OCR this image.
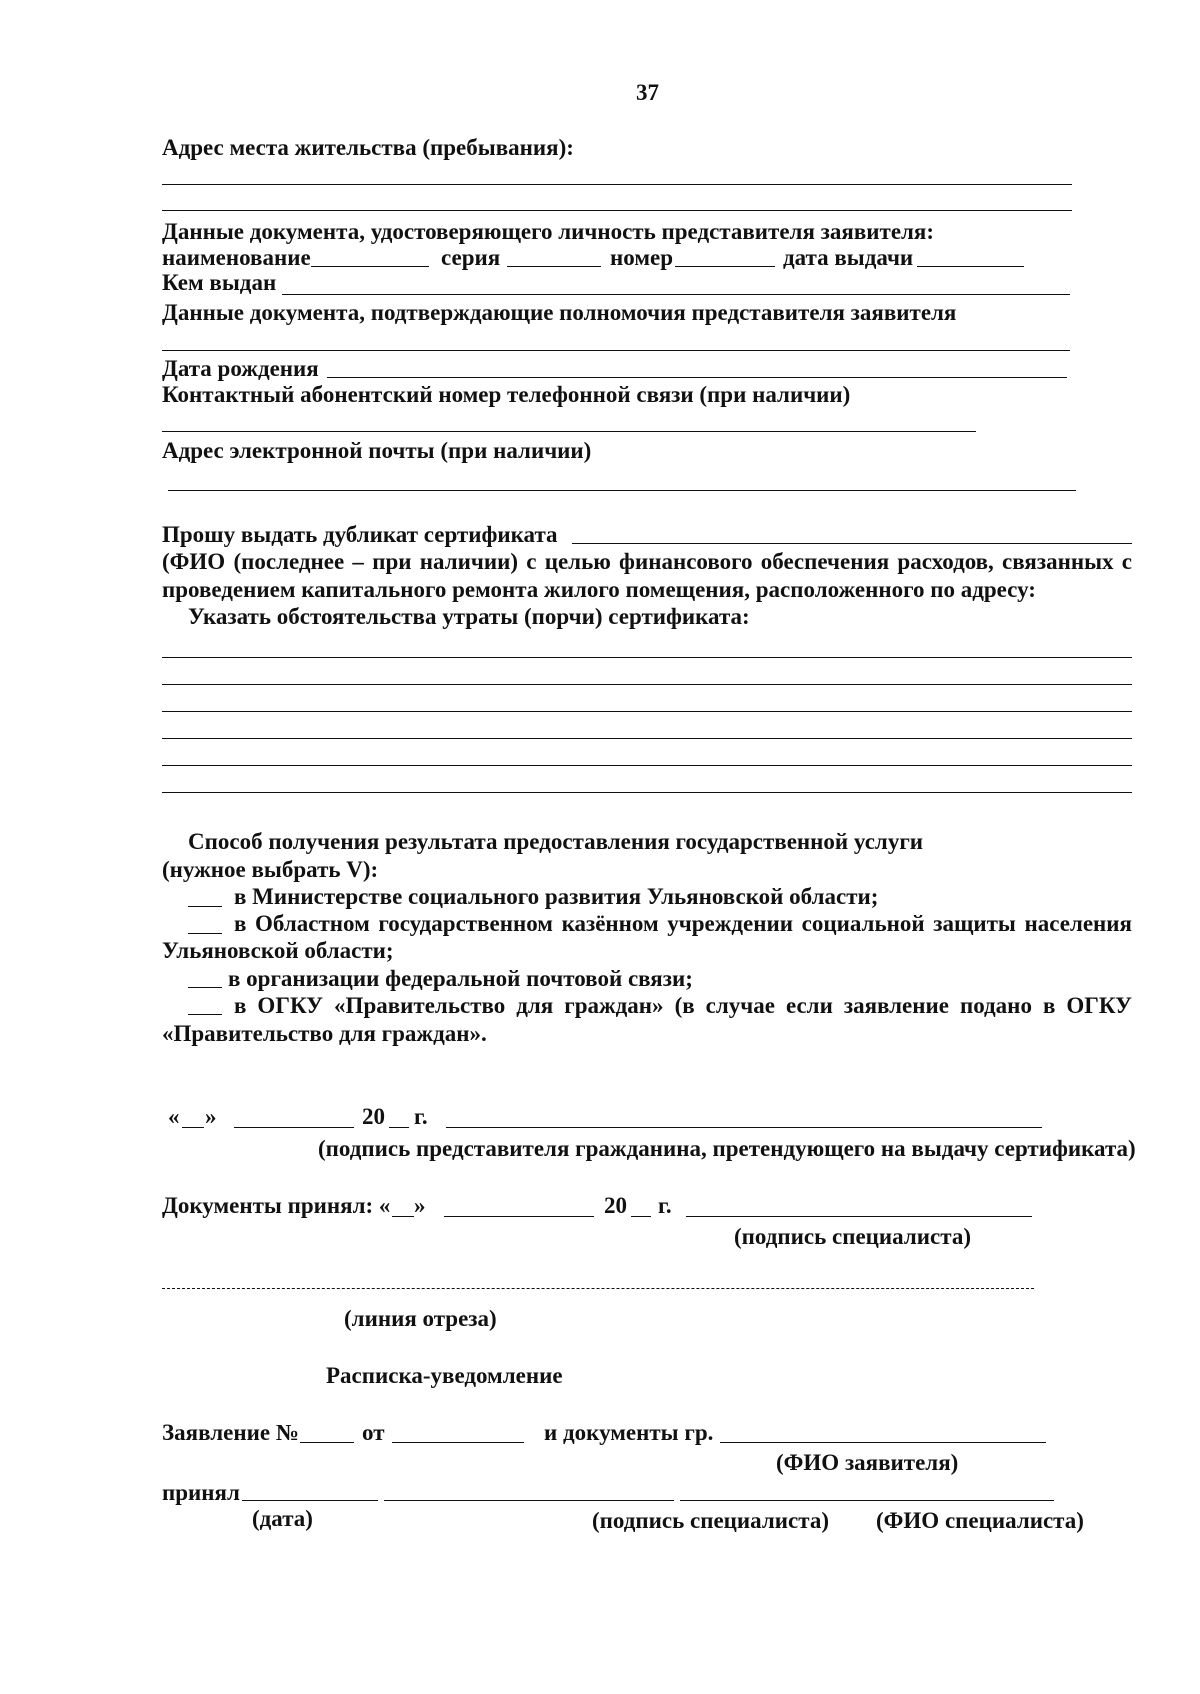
37
Адрес места жительства (пребывания):
Данные документа, удостоверяющего личность представителя заявителя:
наименование	серия	номер	дата выдачи
Кем выдан
Данные документа, подтверждающие полномочия представителя заявителя
Дата рождения
Контактный абонентский номер телефонной связи (при наличии)
Адрес электронной почты (при наличии)
Прошу выдать дубликат сертификата
(ФИО (последнее – при наличии) с целью финансового обеспечения расходов, связанных с
проведением капитального ремонта жилого помещения, расположенного по адресу:
Указать обстоятельства утраты (порчи) сертификата:
Способ получения результата предоставления государственной услуги
(нужное выбрать V):
в Министерстве социального развития Ульяновской области;
в Областном государственном казённом учреждении социальной защиты населения
Ульяновской области;
в организации федеральной почтовой связи;
в ОГКУ «Правительство для граждан» (в случае если заявление подано в ОГКУ
«Правительство для граждан».
« »	20 г.
(подпись представителя гражданина, претендующего на выдачу сертификата)
Документы принял: « »	20 г.
(подпись специалиста)
(линия отреза)
Расписка-уведомление
Заявление №	от	и документы гр.
(ФИО заявителя)
принял
(дата)	(подпись специалиста) (ФИО специалиста)
